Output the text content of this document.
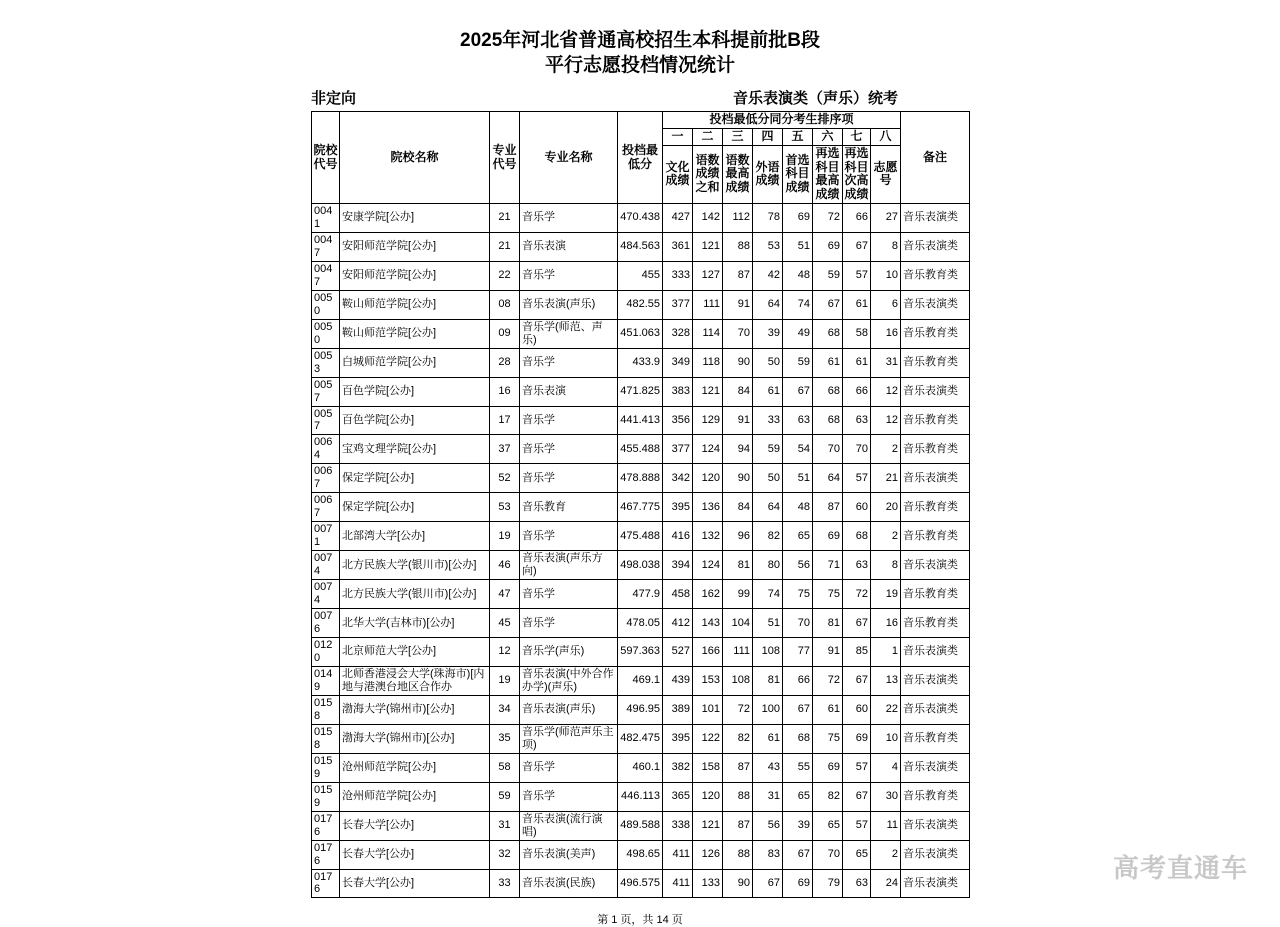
2025年河北省普通高校招生本科提前批B段
平行志愿投档情况统计
非定向	音乐表演类（声乐）统考
院校代号	院校名称	专业代号	专业名称	投档最低分	投档最低分同分考生排序项								备注
					一	二	三	四	五	六	七	八	
					文化成绩	语数成绩之和	语数最高成绩	外语成绩	首选科目成绩	再选科目最高成绩	再选科目次高成绩	志愿号	
0041	安康学院[公办]	21	音乐学	470.438	427	142	112	78	69	72	66	27	音乐表演类
0047	安阳师范学院[公办]	21	音乐表演	484.563	361	121	88	53	51	69	67	8	音乐表演类
0047	安阳师范学院[公办]	22	音乐学	455	333	127	87	42	48	59	57	10	音乐教育类
0050	鞍山师范学院[公办]	08	音乐表演(声乐)	482.55	377	111	91	64	74	67	61	6	音乐表演类
0050	鞍山师范学院[公办]	09	音乐学(师范、声乐)	451.063	328	114	70	39	49	68	58	16	音乐教育类
0053	白城师范学院[公办]	28	音乐学	433.9	349	118	90	50	59	61	61	31	音乐教育类
0057	百色学院[公办]	16	音乐表演	471.825	383	121	84	61	67	68	66	12	音乐表演类
0057	百色学院[公办]	17	音乐学	441.413	356	129	91	33	63	68	63	12	音乐教育类
0064	宝鸡文理学院[公办]	37	音乐学	455.488	377	124	94	59	54	70	70	2	音乐教育类
0067	保定学院[公办]	52	音乐学	478.888	342	120	90	50	51	64	57	21	音乐表演类
0067	保定学院[公办]	53	音乐教育	467.775	395	136	84	64	48	87	60	20	音乐教育类
0071	北部湾大学[公办]	19	音乐学	475.488	416	132	96	82	65	69	68	2	音乐教育类
0074	北方民族大学(银川市)[公办]	46	音乐表演(声乐方向)	498.038	394	124	81	80	56	71	63	8	音乐表演类
0074	北方民族大学(银川市)[公办]	47	音乐学	477.9	458	162	99	74	75	75	72	19	音乐教育类
0076	北华大学(吉林市)[公办]	45	音乐学	478.05	412	143	104	51	70	81	67	16	音乐教育类
0120	北京师范大学[公办]	12	音乐学(声乐)	597.363	527	166	111	108	77	91	85	1	音乐表演类
0149	北师香港浸会大学(珠海市)[内地与港澳台地区合作办	19	音乐表演(中外合作办学)(声乐)	469.1	439	153	108	81	66	72	67	13	音乐表演类
0158	渤海大学(锦州市)[公办]	34	音乐表演(声乐)	496.95	389	101	72	100	67	61	60	22	音乐表演类
0158	渤海大学(锦州市)[公办]	35	音乐学(师范声乐主项)	482.475	395	122	82	61	68	75	69	10	音乐教育类
0159	沧州师范学院[公办]	58	音乐学	460.1	382	158	87	43	55	69	57	4	音乐表演类
0159	沧州师范学院[公办]	59	音乐学	446.113	365	120	88	31	65	82	67	30	音乐教育类
0176	长春大学[公办]	31	音乐表演(流行演唱)	489.588	338	121	87	56	39	65	57	11	音乐表演类
0176	长春大学[公办]	32	音乐表演(美声)	498.65	411	126	88	83	67	70	65	2	音乐表演类
0176	长春大学[公办]	33	音乐表演(民族)	496.575	411	133	90	67	69	79	63	24	音乐表演类
第 1 页，共 14 页
高考直通车
